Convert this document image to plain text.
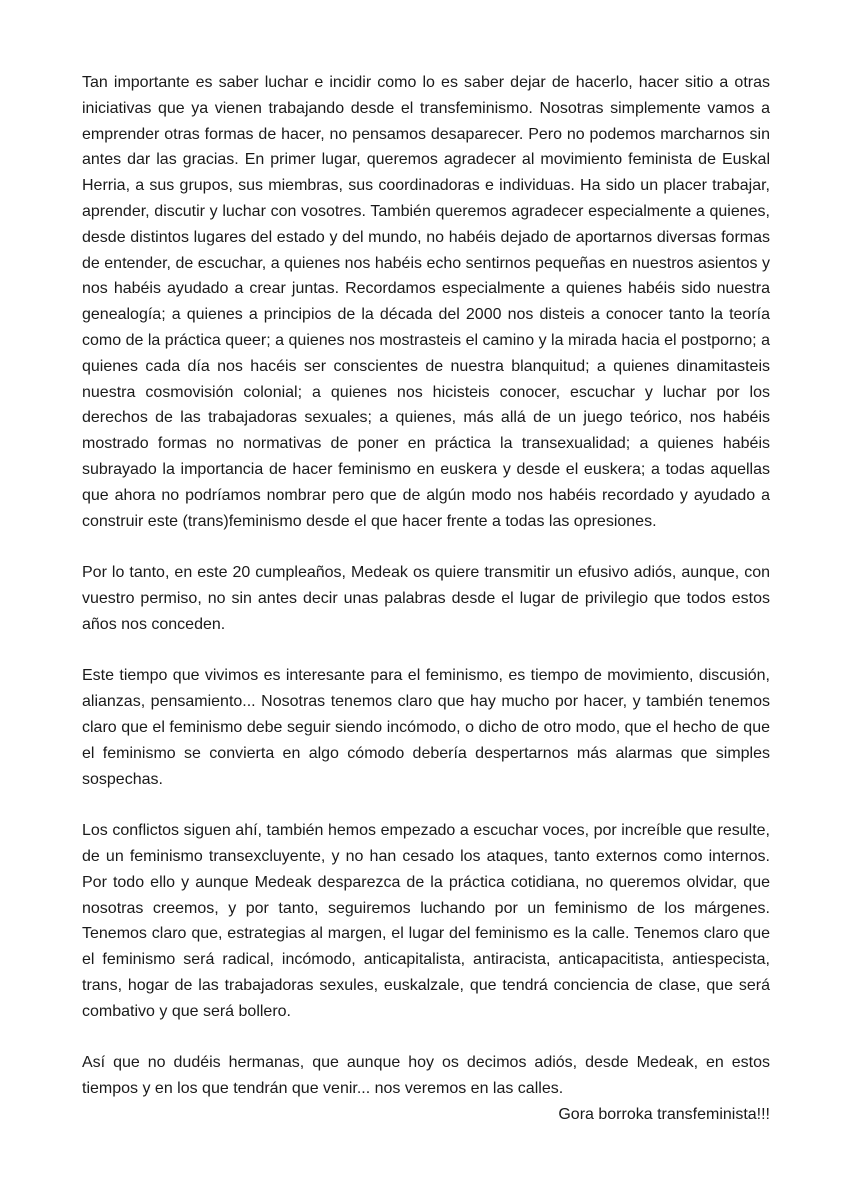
Tan importante es saber luchar e incidir como lo es saber dejar de hacerlo, hacer sitio a otras iniciativas que ya vienen trabajando desde el transfeminismo. Nosotras simplemente vamos a emprender otras formas de hacer, no pensamos desaparecer. Pero no podemos marcharnos sin antes dar las gracias. En primer lugar, queremos agradecer al movimiento feminista de Euskal Herria, a sus grupos, sus miembras, sus coordinadoras e individuas. Ha sido un placer trabajar, aprender, discutir y luchar con vosotres. También queremos agradecer especialmente a quienes, desde distintos lugares del estado y del mundo, no habéis dejado de aportarnos diversas formas de entender, de escuchar, a quienes nos habéis echo sentirnos pequeñas en nuestros asientos y nos habéis ayudado a crear juntas. Recordamos especialmente a quienes habéis sido nuestra genealogía; a quienes a principios de la década del 2000 nos disteis a conocer tanto la teoría como de la práctica queer; a quienes nos mostrasteis el camino y la mirada hacia el postporno; a quienes cada día nos hacéis ser conscientes de nuestra blanquitud; a quienes dinamitasteis nuestra cosmovisión colonial; a quienes nos hicisteis conocer, escuchar y luchar por los derechos de las trabajadoras sexuales; a quienes, más allá de un juego teórico, nos habéis mostrado formas no normativas de poner en práctica la transexualidad; a quienes habéis subrayado la importancia de hacer feminismo en euskera y desde el euskera; a todas aquellas que ahora no podríamos nombrar pero que de algún modo nos habéis recordado y ayudado a construir este (trans)feminismo desde el que hacer frente a todas las opresiones.

Por lo tanto, en este 20 cumpleaños, Medeak os quiere transmitir un efusivo adiós, aunque, con vuestro permiso, no sin antes decir unas palabras desde el lugar de privilegio que todos estos años nos conceden.

Este tiempo que vivimos es interesante para el feminismo, es tiempo de movimiento, discusión, alianzas, pensamiento... Nosotras tenemos claro que hay mucho por hacer, y también tenemos claro que el feminismo debe seguir siendo incómodo, o dicho de otro modo, que el hecho de que el feminismo se convierta en algo cómodo debería despertarnos más alarmas que simples sospechas.

Los conflictos siguen ahí, también hemos empezado a escuchar voces, por increíble que resulte, de un feminismo transexcluyente, y no han cesado los ataques, tanto externos como internos. Por todo ello y aunque Medeak desparezca de la práctica cotidiana, no queremos olvidar, que nosotras creemos, y por tanto, seguiremos luchando por un feminismo de los márgenes. Tenemos claro que, estrategias al margen, el lugar del feminismo es la calle. Tenemos claro que el feminismo será radical, incómodo, anticapitalista, antiracista, anticapacitista, antiespecista, trans, hogar de las trabajadoras sexules, euskalzale, que tendrá conciencia de clase, que será combativo y que será bollero.

Así que no dudéis hermanas, que aunque hoy os decimos adiós, desde Medeak, en estos tiempos y en los que tendrán que venir... nos veremos en las calles.

Gora borroka transfeminista!!!
